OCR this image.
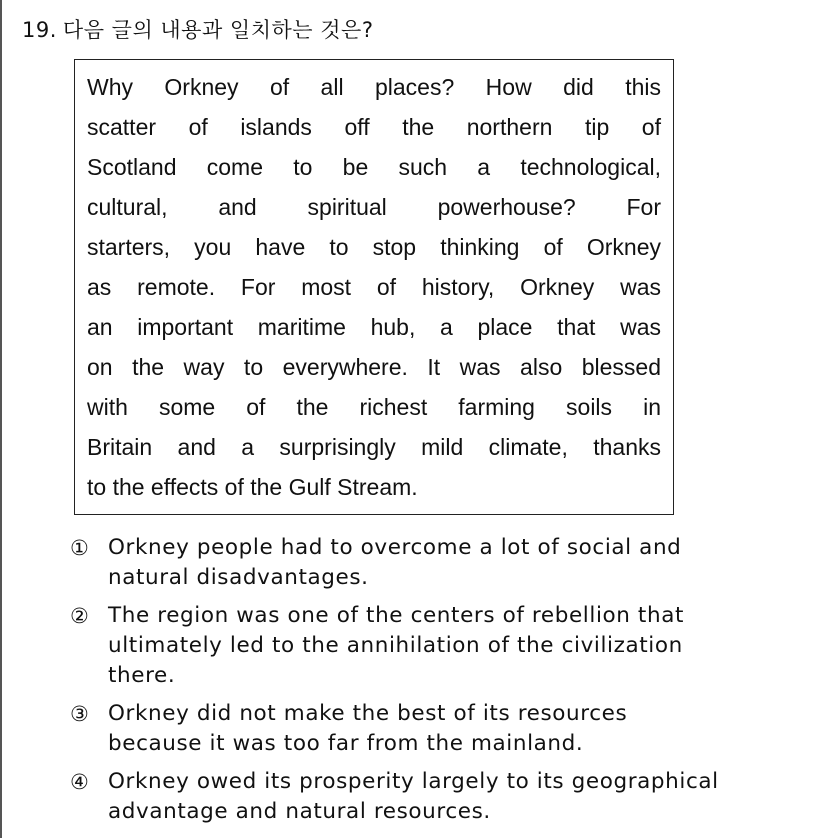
19. 다음 글의 내용과 일치하는 것은?
Why Orkney of all places? How did this
scatter of islands off the northern tip of
Scotland come to be such a technological,
cultural, and spiritual powerhouse? For
starters, you have to stop thinking of Orkney
as remote. For most of history, Orkney was
an important maritime hub, a place that was
on the way to everywhere. It was also blessed
with some of the richest farming soils in
Britain and a surprisingly mild climate, thanks
to the effects of the Gulf Stream.
① Orkney people had to overcome a lot of social and
natural disadvantages.
② The region was one of the centers of rebellion that
ultimately led to the annihilation of the civilization
there.
③ Orkney did not make the best of its resources
because it was too far from the mainland.
④ Orkney owed its prosperity largely to its geographical
advantage and natural resources.
